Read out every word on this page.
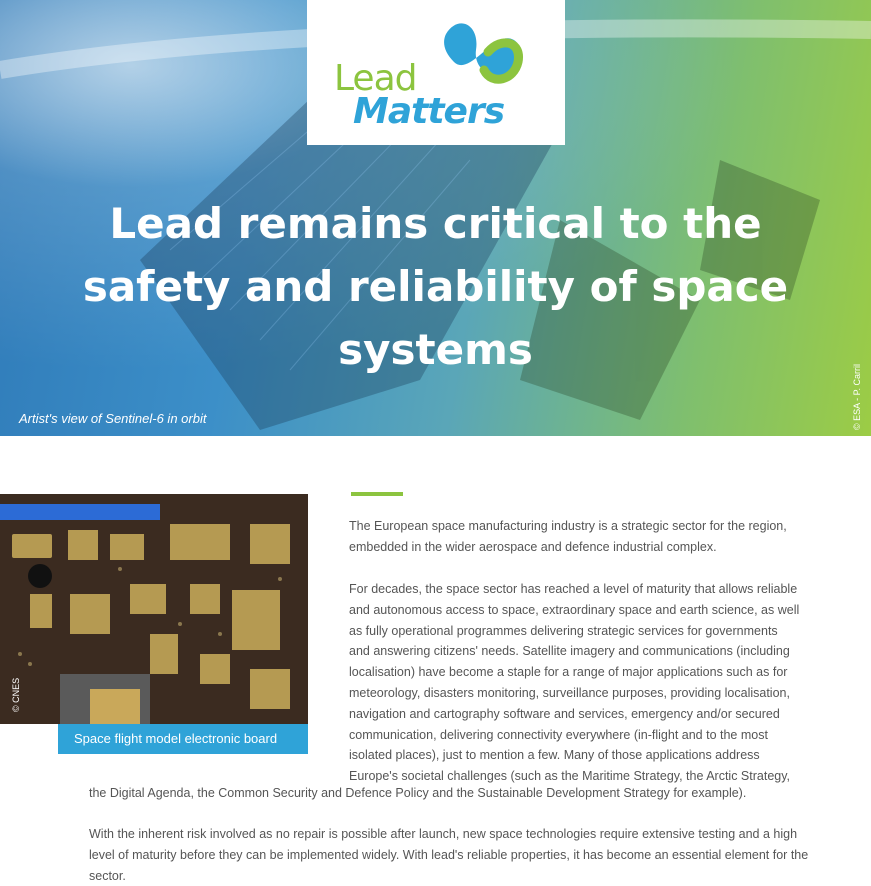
Lead
Matters
Lead remains critical to the safety and reliability of space systems
Artist's view of Sentinel-6 in orbit	© ESA - P. Carril
© CNES
Space flight model electronic board

The European space manufacturing industry is a strategic sector for the region, embedded in the wider aerospace and defence industrial complex.

For decades, the space sector has reached a level of maturity that allows reliable
and autonomous access to space, extraordinary space and earth science, as well
as fully operational programmes delivering strategic services for governments
and answering citizens' needs. Satellite imagery and communications (including
localisation) have become a staple for a range of major applications such as for
meteorology, disasters monitoring, surveillance purposes, providing localisation,
navigation and cartography software and services, emergency and/or secured
communication, delivering connectivity everywhere (in-flight and to the most
isolated places), just to mention a few. Many of those applications address
Europe's societal challenges (such as the Maritime Strategy, the Arctic Strategy,

the Digital Agenda, the Common Security and Defence Policy and the Sustainable Development Strategy for example).

With the inherent risk involved as no repair is possible after launch, new space technologies require extensive testing and a high level of maturity before they can be implemented widely. With lead's reliable properties, it has become an essential element for the sector.
